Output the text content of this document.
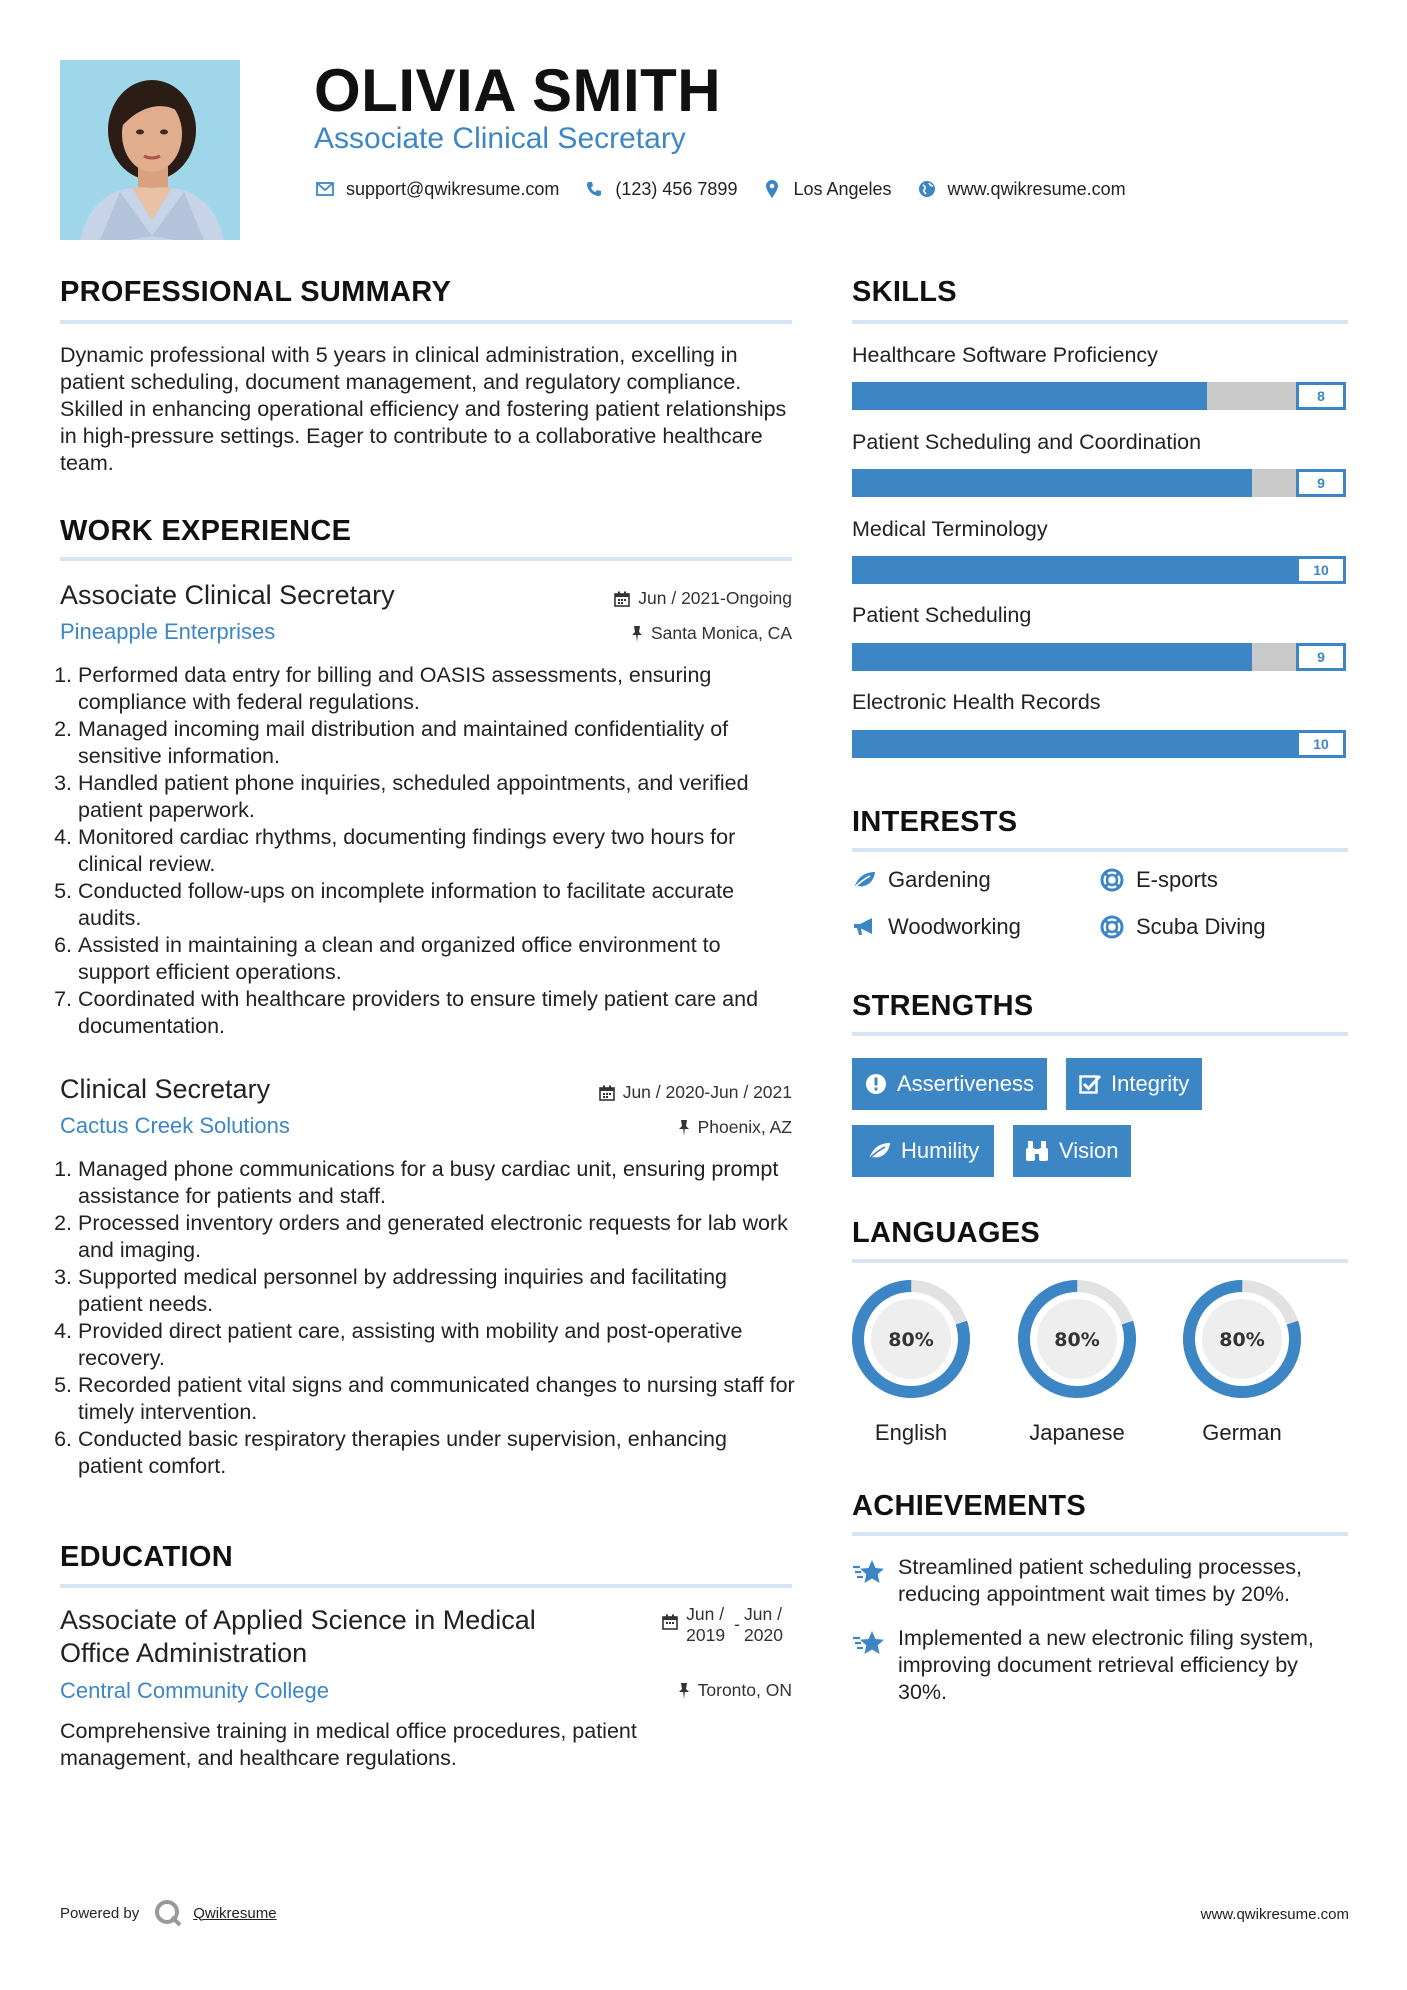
OLIVIA SMITH
Associate Clinical Secretary
support@qwikresume.com	(123) 456 7899	Los Angeles	www.qwikresume.com
PROFESSIONAL SUMMARY
Dynamic professional with 5 years in clinical administration, excelling in patient scheduling, document management, and regulatory compliance. Skilled in enhancing operational efficiency and fostering patient relationships in high-pressure settings. Eager to contribute to a collaborative healthcare team.
WORK EXPERIENCE
Associate Clinical Secretary
Pineapple Enterprises
Jun / 2021-Ongoing
Santa Monica, CA
1. Performed data entry for billing and OASIS assessments, ensuring compliance with federal regulations.
2. Managed incoming mail distribution and maintained confidentiality of sensitive information.
3. Handled patient phone inquiries, scheduled appointments, and verified patient paperwork.
4. Monitored cardiac rhythms, documenting findings every two hours for clinical review.
5. Conducted follow-ups on incomplete information to facilitate accurate audits.
6. Assisted in maintaining a clean and organized office environment to support efficient operations.
7. Coordinated with healthcare providers to ensure timely patient care and documentation.
Clinical Secretary
Cactus Creek Solutions
Jun / 2020-Jun / 2021
Phoenix, AZ
1. Managed phone communications for a busy cardiac unit, ensuring prompt assistance for patients and staff.
2. Processed inventory orders and generated electronic requests for lab work and imaging.
3. Supported medical personnel by addressing inquiries and facilitating patient needs.
4. Provided direct patient care, assisting with mobility and post-operative recovery.
5. Recorded patient vital signs and communicated changes to nursing staff for timely intervention.
6. Conducted basic respiratory therapies under supervision, enhancing patient comfort.
EDUCATION
Associate of Applied Science in Medical
Office Administration
Central Community College
Jun /
2019
- Jun /
2020
Toronto, ON
Comprehensive training in medical office procedures, patient management, and healthcare regulations.
SKILLS
Healthcare Software Proficiency
8
Patient Scheduling and Coordination
9
Medical Terminology
10
Patient Scheduling
9
Electronic Health Records
10
INTERESTS
Gardening	E-sports
Woodworking	Scuba Diving
STRENGTHS
Assertiveness	Integrity
Humility	Vision
LANGUAGES
80%
English
80%
Japanese
80%
German
ACHIEVEMENTS
Streamlined patient scheduling processes, reducing appointment wait times by 20%.
Implemented a new electronic filing system, improving document retrieval efficiency by 30%.
Powered by	Qwikresume	www.qwikresume.com
